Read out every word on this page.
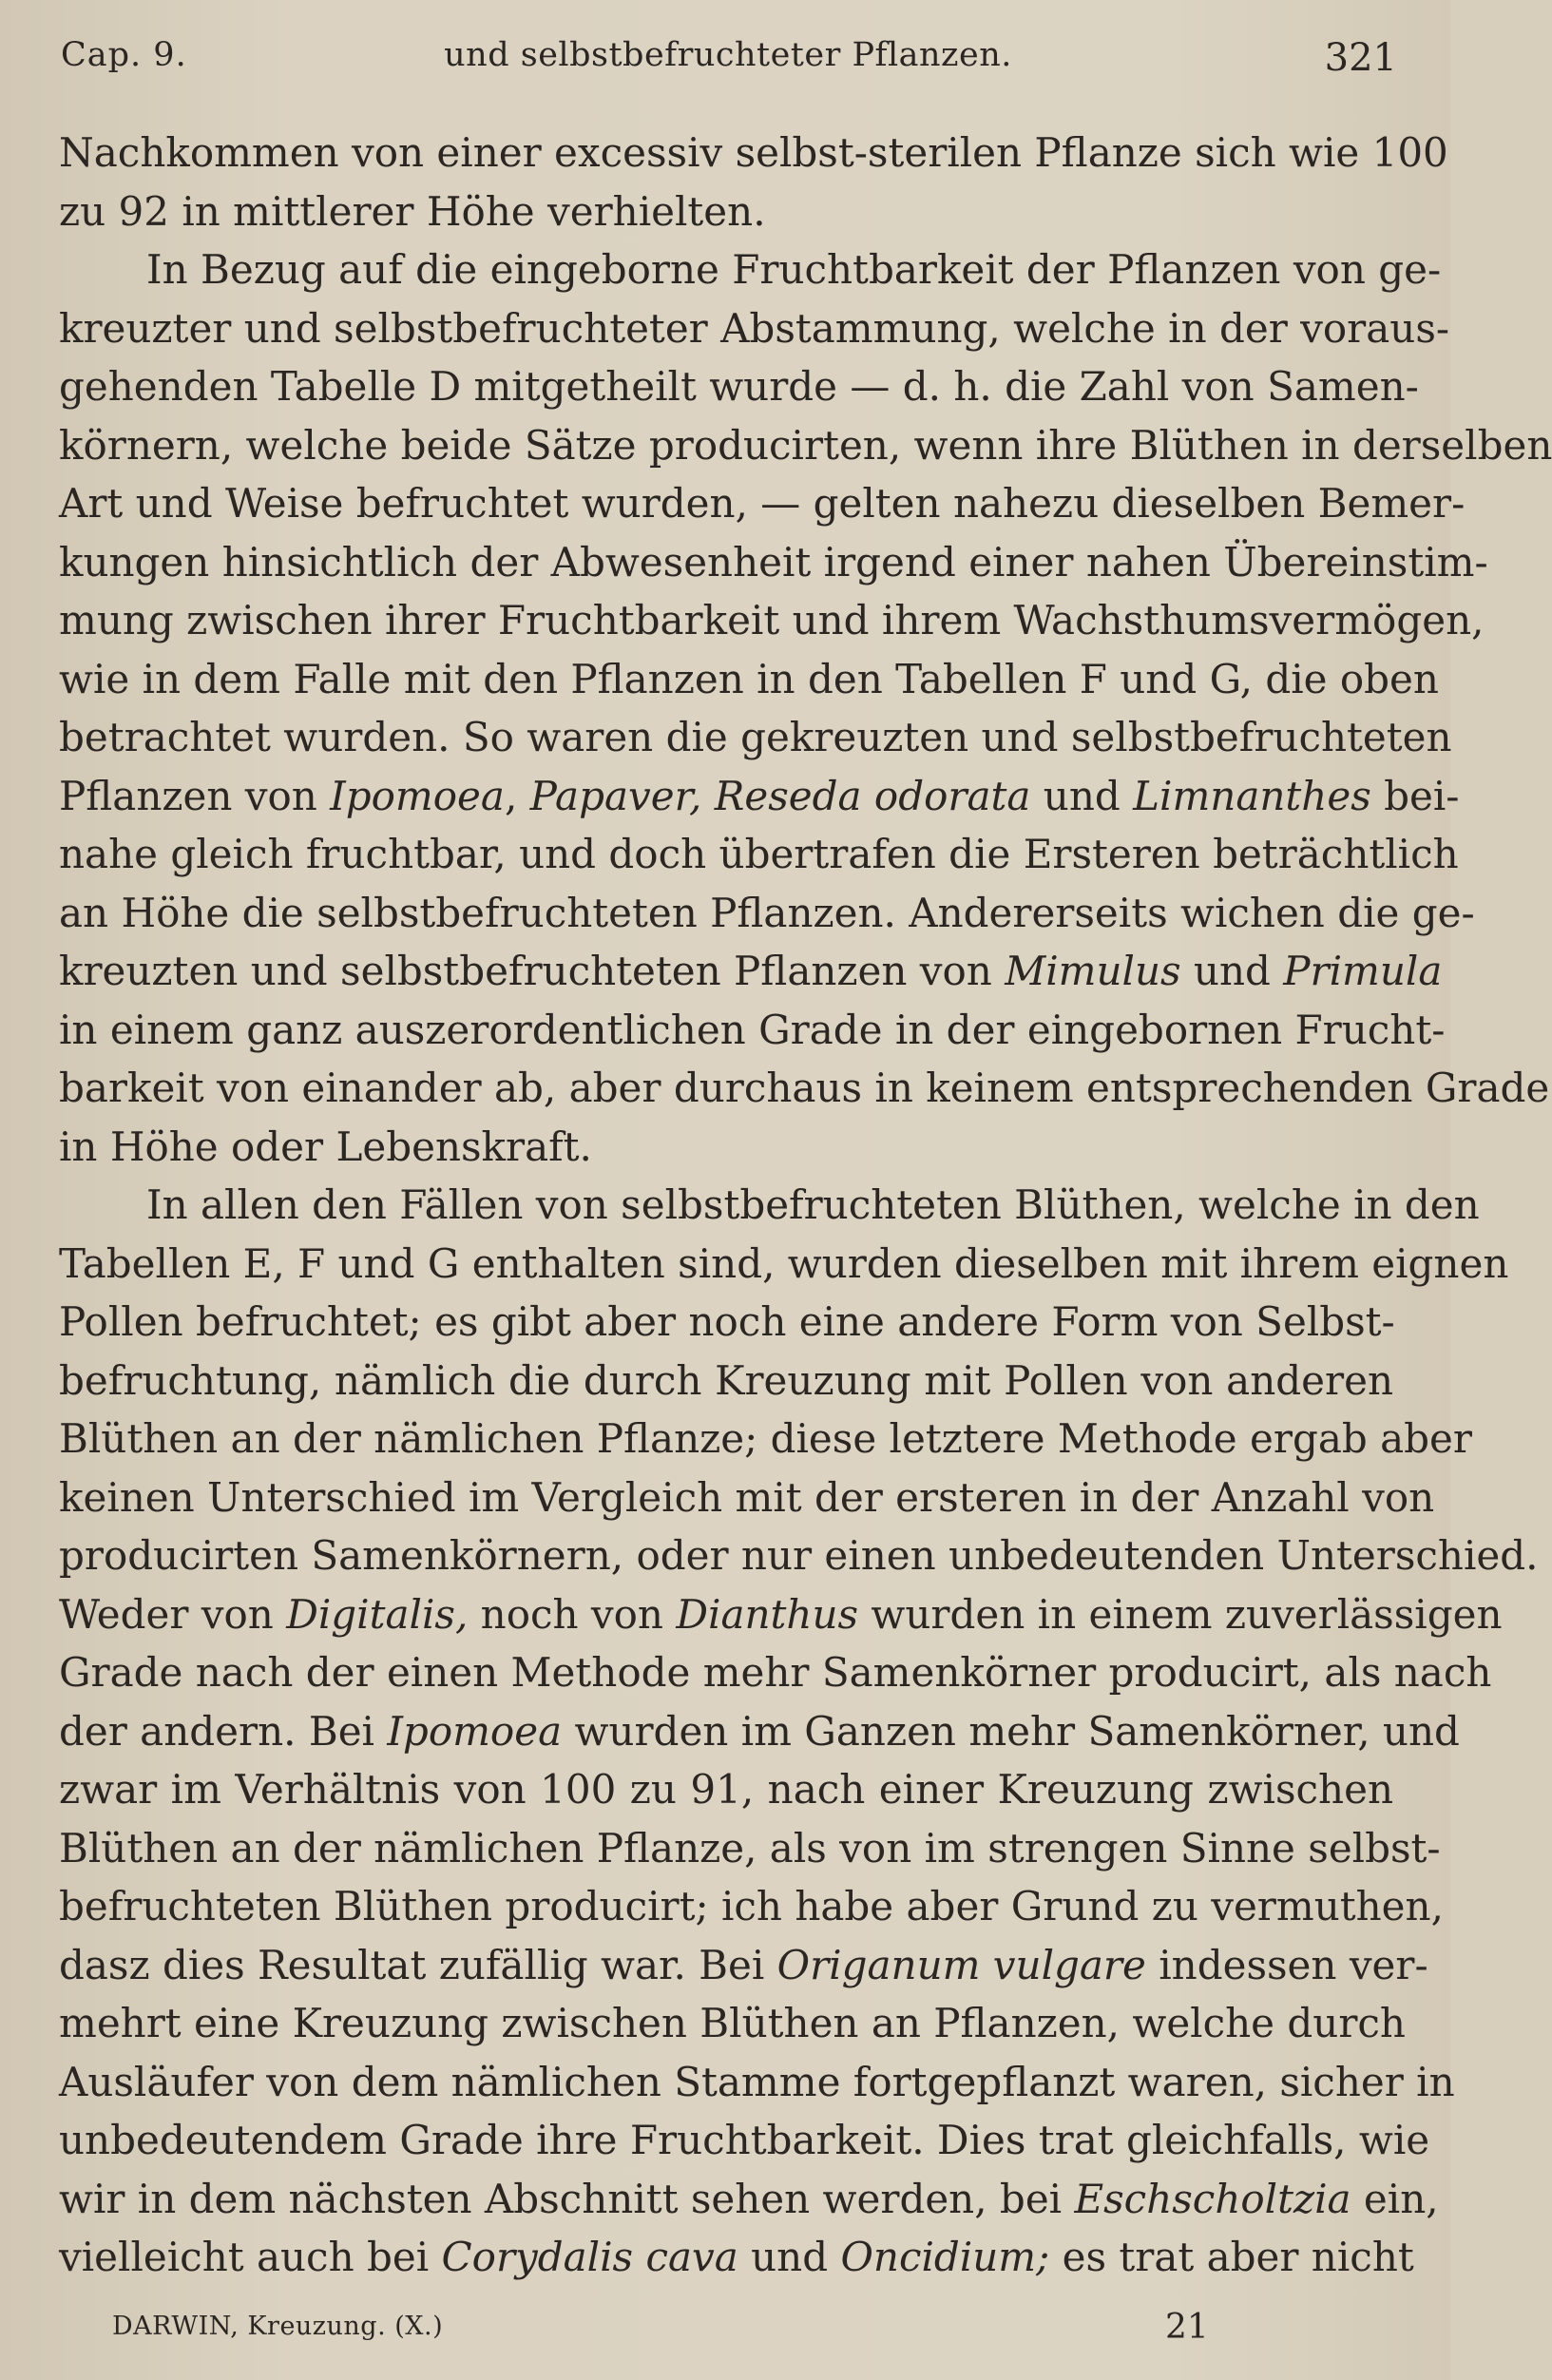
Cap. 9.	und selbstbefruchteter Pflanzen.	321
Nachkommen von einer excessiv selbst-sterilen Pflanze sich wie 100
zu 92 in mittlerer Höhe verhielten.
In Bezug auf die eingeborne Fruchtbarkeit der Pflanzen von ge-
kreuzter und selbstbefruchteter Abstammung, welche in der voraus-
gehenden Tabelle D mitgetheilt wurde — d. h. die Zahl von Samen-
körnern, welche beide Sätze producirten, wenn ihre Blüthen in derselben
Art und Weise befruchtet wurden, — gelten nahezu dieselben Bemer-
kungen hinsichtlich der Abwesenheit irgend einer nahen Übereinstim-
mung zwischen ihrer Fruchtbarkeit und ihrem Wachsthumsvermögen,
wie in dem Falle mit den Pflanzen in den Tabellen F und G, die oben
betrachtet wurden. So waren die gekreuzten und selbstbefruchteten
Pflanzen von Ipomoea, Papaver, Reseda odorata und Limnanthes bei-
nahe gleich fruchtbar, und doch übertrafen die Ersteren beträchtlich
an Höhe die selbstbefruchteten Pflanzen. Andererseits wichen die ge-
kreuzten und selbstbefruchteten Pflanzen von Mimulus und Primula
in einem ganz auszerordentlichen Grade in der eingebornen Frucht-
barkeit von einander ab, aber durchaus in keinem entsprechenden Grade
in Höhe oder Lebenskraft.
In allen den Fällen von selbstbefruchteten Blüthen, welche in den
Tabellen E, F und G enthalten sind, wurden dieselben mit ihrem eignen
Pollen befruchtet; es gibt aber noch eine andere Form von Selbst-
befruchtung, nämlich die durch Kreuzung mit Pollen von anderen
Blüthen an der nämlichen Pflanze; diese letztere Methode ergab aber
keinen Unterschied im Vergleich mit der ersteren in der Anzahl von
producirten Samenkörnern, oder nur einen unbedeutenden Unterschied.
Weder von Digitalis, noch von Dianthus wurden in einem zuverlässigen
Grade nach der einen Methode mehr Samenkörner producirt, als nach
der andern. Bei Ipomoea wurden im Ganzen mehr Samenkörner, und
zwar im Verhältnis von 100 zu 91, nach einer Kreuzung zwischen
Blüthen an der nämlichen Pflanze, als von im strengen Sinne selbst-
befruchteten Blüthen producirt; ich habe aber Grund zu vermuthen,
dasz dies Resultat zufällig war. Bei Origanum vulgare indessen ver-
mehrt eine Kreuzung zwischen Blüthen an Pflanzen, welche durch
Ausläufer von dem nämlichen Stamme fortgepflanzt waren, sicher in
unbedeutendem Grade ihre Fruchtbarkeit. Dies trat gleichfalls, wie
wir in dem nächsten Abschnitt sehen werden, bei Eschscholtzia ein,
vielleicht auch bei Corydalis cava und Oncidium; es trat aber nicht
DARWIN, Kreuzung. (X.)	21
